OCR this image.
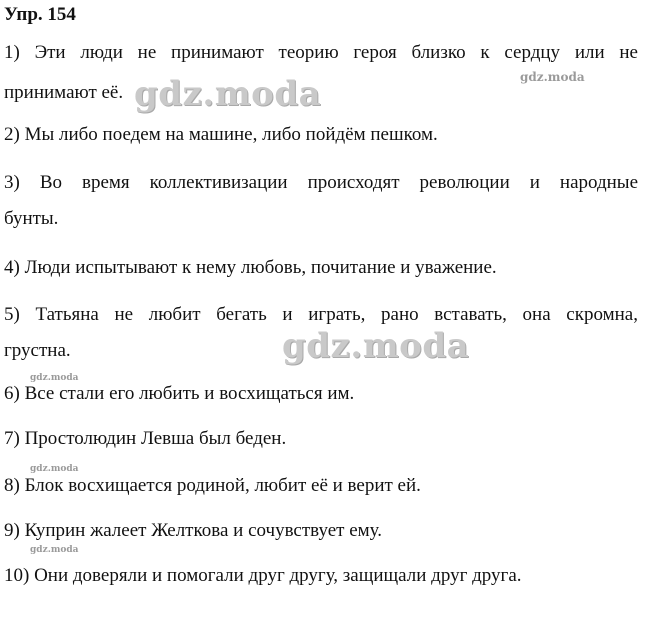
Упр. 154
1) Эти люди не принимают теорию героя близко к сердцу или не
принимают её.
2) Мы либо поедем на машине, либо пойдём пешком.
3) Во время коллективизации происходят революции и народные
бунты.
4) Люди испытывают к нему любовь, почитание и уважение.
5) Татьяна не любит бегать и играть, рано вставать, она скромна,
грустна.
6) Все стали его любить и восхищаться им.
7) Простолюдин Левша был беден.
8) Блок восхищается родиной, любит её и верит ей.
9) Куприн жалеет Желткова и сочувствует ему.
10) Они доверяли и помогали друг другу, защищали друг друга.
gdz.moda	gdz.moda
gdz.moda
gdz.moda
gdz.moda
gdz.moda
